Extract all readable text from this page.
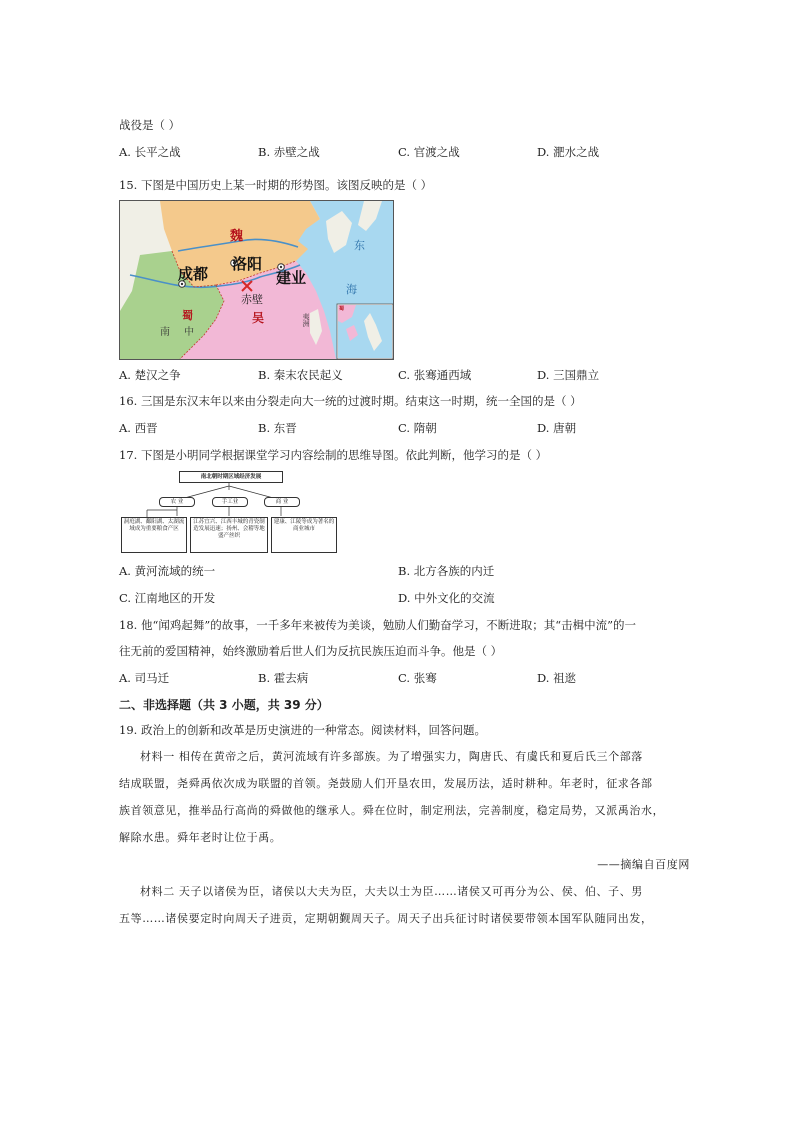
战役是（ ）
A. 长平之战	B. 赤壁之战	C. 官渡之战	D. 淝水之战
15. 下图是中国历史上某一时期的形势图。该图反映的是（ ）
魏
洛阳
成都	建业
赤壁
蜀	吴
南中
东
海
夷洲
蜀
A. 楚汉之争	B. 秦末农民起义	C. 张骞通西域	D. 三国鼎立
16. 三国是东汉末年以来由分裂走向大一统的过渡时期。结束这一时期，统一全国的是（ ）
A. 西晋	B. 东晋	C. 隋朝	D. 唐朝
17. 下图是小明同学根据课堂学习内容绘制的思维导图。依此判断，他学习的是（ ）
南北朝时期区域经济发展
农 业	手工业	商 业
洞庭湖、鄱阳湖、太湖流域成为重要粮食产区
江苏宜兴、江西丰城的青瓷制造发展迅速；扬州、会稽等地盛产丝织
建康、江陵等成为著名的商业城市
A. 黄河流域的统一	B. 北方各族的内迁
C. 江南地区的开发	D. 中外文化的交流
18. 他“闻鸡起舞”的故事，一千多年来被传为美谈，勉励人们勤奋学习，不断进取；其“击楫中流”的一
往无前的爱国精神，始终激励着后世人们为反抗民族压迫而斗争。他是（ ）
A. 司马迁	B. 霍去病	C. 张骞	D. 祖逖
二、非选择题（共 3 小题，共 39 分）
19. 政治上的创新和改革是历史演进的一种常态。阅读材料，回答问题。
材料一 相传在黄帝之后，黄河流域有许多部族。为了增强实力，陶唐氏、有虞氏和夏后氏三个部落
结成联盟，尧舜禹依次成为联盟的首领。尧鼓励人们开垦农田，发展历法，适时耕种。年老时，征求各部
族首领意见，推举品行高尚的舜做他的继承人。舜在位时，制定刑法，完善制度，稳定局势，又派禹治水，
解除水患。舜年老时让位于禹。
——摘编自百度网
材料二 天子以诸侯为臣，诸侯以大夫为臣，大夫以士为臣……诸侯又可再分为公、侯、伯、子、男
五等……诸侯要定时向周天子进贡，定期朝觐周天子。周天子出兵征讨时诸侯要带领本国军队随同出发，
